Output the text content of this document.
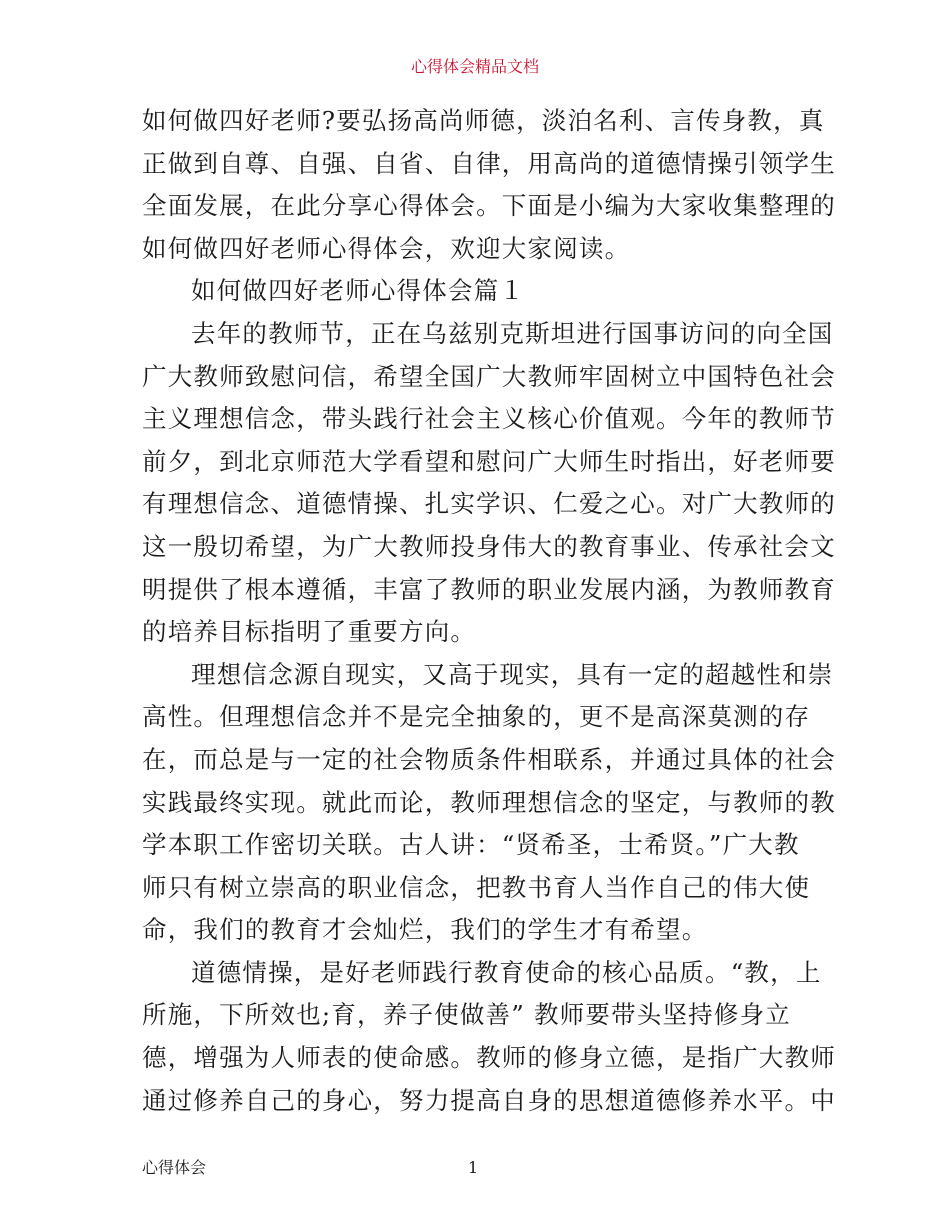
心得体会精品文档

如何做四好老师?要弘扬高尚师德，淡泊名利、言传身教，真
正做到自尊、自强、自省、自律，用高尚的道德情操引领学生
全面发展，在此分享心得体会。下面是小编为大家收集整理的
如何做四好老师心得体会，欢迎大家阅读。

如何做四好老师心得体会篇１

去年的教师节，正在乌兹别克斯坦进行国事访问的向全国
广大教师致慰问信，希望全国广大教师牢固树立中国特色社会
主义理想信念，带头践行社会主义核心价值观。今年的教师节
前夕，到北京师范大学看望和慰问广大师生时指出，好老师要
有理想信念、道德情操、扎实学识、仁爱之心。对广大教师的
这一殷切希望，为广大教师投身伟大的教育事业、传承社会文
明提供了根本遵循，丰富了教师的职业发展内涵，为教师教育
的培养目标指明了重要方向。

理想信念源自现实，又高于现实，具有一定的超越性和崇
高性。但理想信念并不是完全抽象的，更不是高深莫测的存
在，而总是与一定的社会物质条件相联系，并通过具体的社会
实践最终实现。就此而论，教师理想信念的坚定，与教师的教
学本职工作密切关联。古人讲：“贤希圣，士希贤。”广大教
师只有树立崇高的职业信念，把教书育人当作自己的伟大使
命，我们的教育才会灿烂，我们的学生才有希望。

道德情操，是好老师践行教育使命的核心品质。“教，上
所施，下所效也;育，养子使做善” 教师要带头坚持修身立
德，增强为人师表的使命感。教师的修身立德，是指广大教师
通过修养自己的身心，努力提高自身的思想道德修养水平。中

心得体会	1
